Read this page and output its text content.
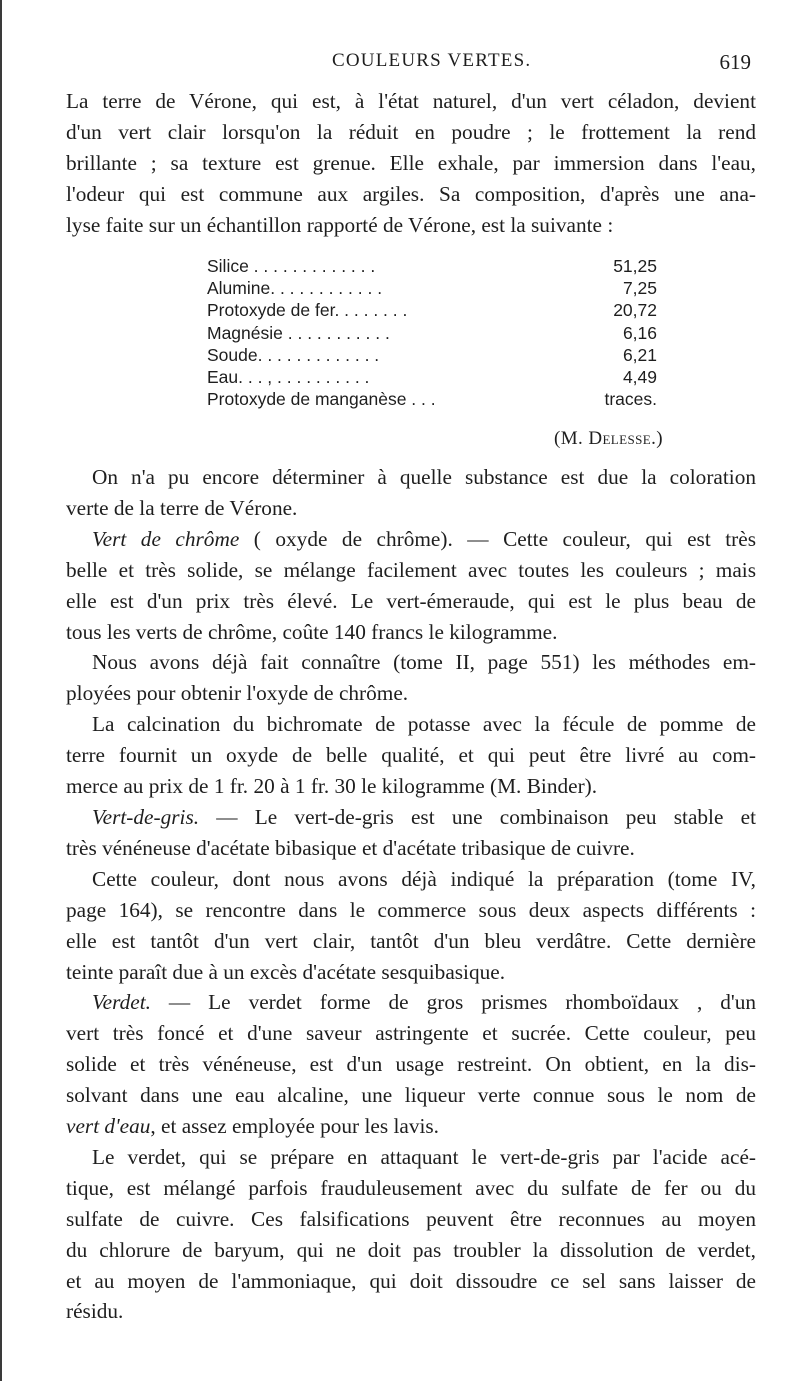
COULEURS VERTES.	619
La terre de Vérone, qui est, à l'état naturel, d'un vert céladon, devient
d'un vert clair lorsqu'on la réduit en poudre ; le frottement la rend
brillante ; sa texture est grenue. Elle exhale, par immersion dans l'eau,
l'odeur qui est commune aux argiles. Sa composition, d'après une ana-
lyse faite sur un échantillon rapporté de Vérone, est la suivante :
Silice . . . . . . . . . . . . .	51,25
Alumine. . . . . . . . . . . .	7,25
Protoxyde de fer. . . . . . . .	20,72
Magnésie . . . . . . . . . . .	6,16
Soude. . . . . . . . . . . . .	6,21
Eau. . . , . . . . . . . . . .	4,49
Protoxyde de manganèse . . .	traces.
(M. Delesse.)
On n'a pu encore déterminer à quelle substance est due la coloration
verte de la terre de Vérone.
Vert de chrôme ( oxyde de chrôme). — Cette couleur, qui est très
belle et très solide, se mélange facilement avec toutes les couleurs ; mais
elle est d'un prix très élevé. Le vert-émeraude, qui est le plus beau de
tous les verts de chrôme, coûte 140 francs le kilogramme.
Nous avons déjà fait connaître (tome II, page 551) les méthodes em-
ployées pour obtenir l'oxyde de chrôme.
La calcination du bichromate de potasse avec la fécule de pomme de
terre fournit un oxyde de belle qualité, et qui peut être livré au com-
merce au prix de 1 fr. 20 à 1 fr. 30 le kilogramme (M. Binder).
Vert-de-gris. — Le vert-de-gris est une combinaison peu stable et
très vénéneuse d'acétate bibasique et d'acétate tribasique de cuivre.
Cette couleur, dont nous avons déjà indiqué la préparation (tome IV,
page 164), se rencontre dans le commerce sous deux aspects différents :
elle est tantôt d'un vert clair, tantôt d'un bleu verdâtre. Cette dernière
teinte paraît due à un excès d'acétate sesquibasique.
Verdet. — Le verdet forme de gros prismes rhomboïdaux , d'un
vert très foncé et d'une saveur astringente et sucrée. Cette couleur, peu
solide et très vénéneuse, est d'un usage restreint. On obtient, en la dis-
solvant dans une eau alcaline, une liqueur verte connue sous le nom de
vert d'eau, et assez employée pour les lavis.
Le verdet, qui se prépare en attaquant le vert-de-gris par l'acide acé-
tique, est mélangé parfois frauduleusement avec du sulfate de fer ou du
sulfate de cuivre. Ces falsifications peuvent être reconnues au moyen
du chlorure de baryum, qui ne doit pas troubler la dissolution de verdet,
et au moyen de l'ammoniaque, qui doit dissoudre ce sel sans laisser de
résidu.
